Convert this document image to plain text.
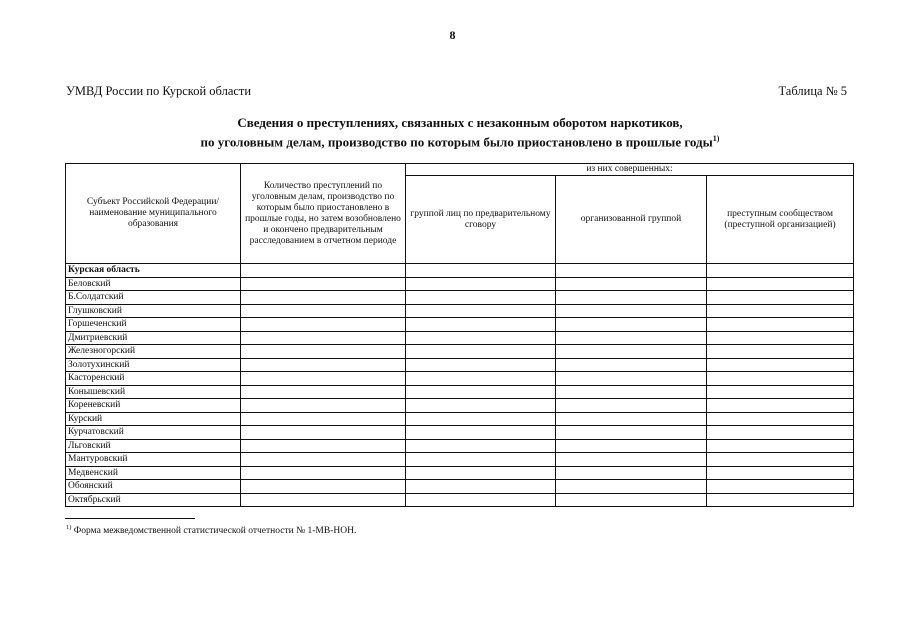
8
УМВД России по Курской области	Таблица № 5
Сведения о преступлениях, связанных с незаконным оборотом наркотиков,
по уголовным делам, производство по которым было приостановлено в прошлые годы$^{1)}$
Субъект Российской Федерации/ наименование муниципального образования	Количество преступлений по уголовным делам, производство по которым было приостановлено в прошлые годы, но затем возобновлено и окончено предварительным расследованием в отчетном периоде	из них совершенных:		
		группой лиц по предварительному сговору	организованной группой	преступным сообществом (преступной организацией)
Курская область				
Беловский				
Б.Солдатский				
Глушковский				
Горшеченский				
Дмитриевский				
Железногорский				
Золотухинский				
Касторенский				
Конышевский				
Кореневский				
Курский				
Курчатовский				
Льговский				
Мантуровский				
Медвенский				
Обоянский				
Октябрьский				
$^{1)}$ Форма межведомственной статистической отчетности № 1-МВ-НОН.
